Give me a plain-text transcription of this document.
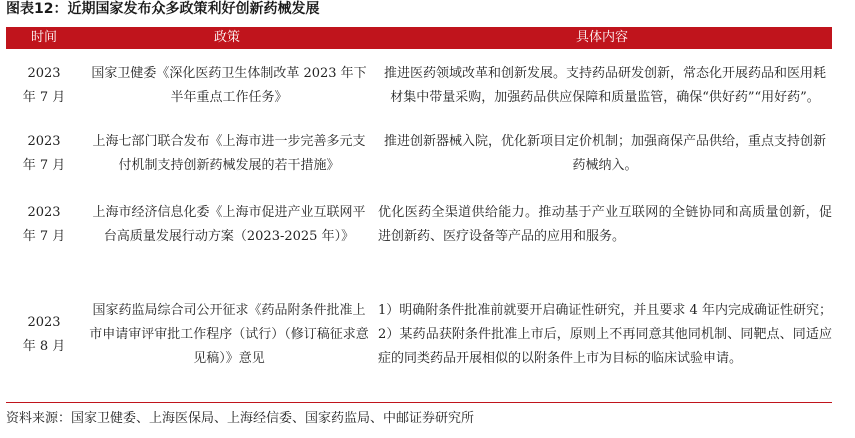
图表12：近期国家发布众多政策利好创新药械发展
时间	政策	具体内容
2023
年 7 月
国家卫健委《深化医药卫生体制改革 2023 年下半年重点工作任务》
推进医药领域改革和创新发展。支持药品研发创新，常态化开展药品和医用耗材集中带量采购，加强药品供应保障和质量监管，确保“供好药”“用好药”。
2023
年 7 月
上海七部门联合发布《上海市进一步完善多元支付机制支持创新药械发展的若干措施》
推进创新器械入院，优化新项目定价机制；加强商保产品供给，重点支持创新药械纳入。
2023
年 7 月
上海市经济信息化委《上海市促进产业互联网平台高质量发展行动方案（2023-2025 年）》
优化医药全渠道供给能力。推动基于产业互联网的全链协同和高质量创新，促进创新药、医疗设备等产品的应用和服务。
2023
年 8 月
国家药监局综合司公开征求《药品附条件批准上市申请审评审批工作程序（试行）（修订稿征求意见稿）》意见
1）明确附条件批准前就要开启确证性研究，并且要求 4 年内完成确证性研究；2）某药品获附条件批准上市后，原则上不再同意其他同机制、同靶点、同适应症的同类药品开展相似的以附条件上市为目标的临床试验申请。
资料来源：国家卫健委、上海医保局、上海经信委、国家药监局、中邮证券研究所
